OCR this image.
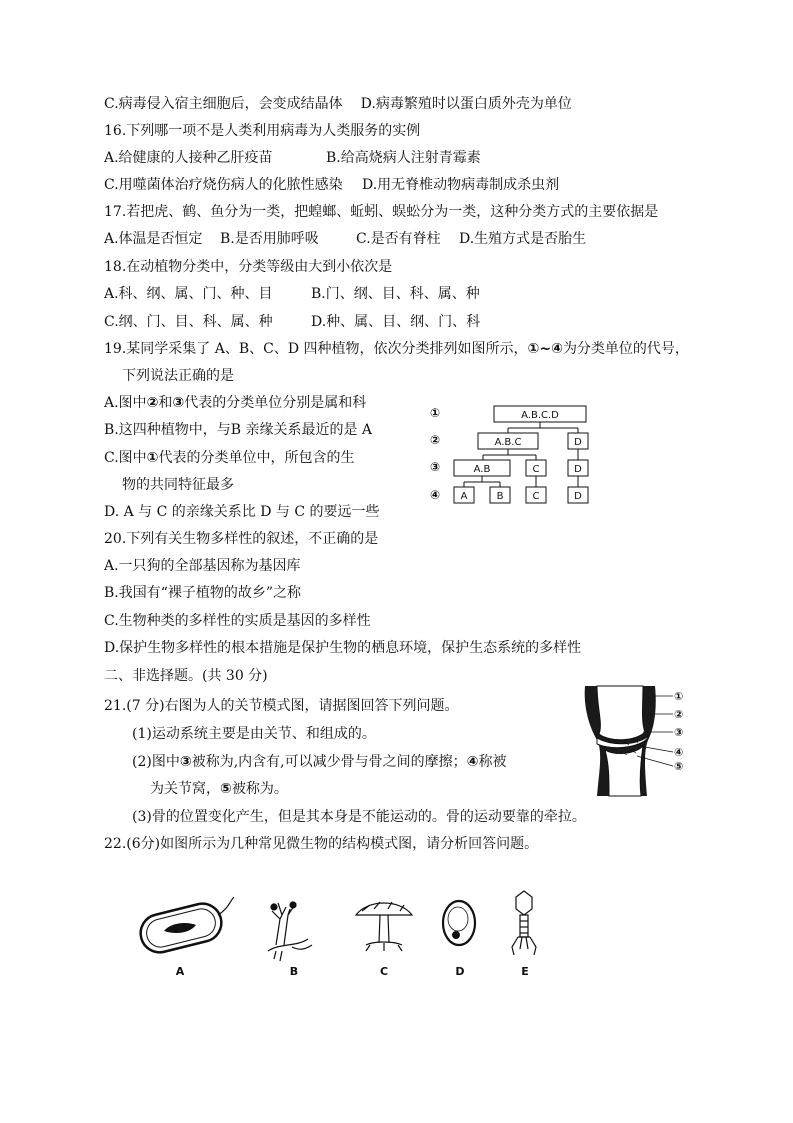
C.病毒侵入宿主细胞后，会变成结晶体 D.病毒繁殖时以蛋白质外壳为单位
16.下列哪一项不是人类利用病毒为人类服务的实例
A.给健康的人接种乙肝疫苗	B.给高烧病人注射青霉素
C.用噬菌体治疗烧伤病人的化脓性感染 D.用无脊椎动物病毒制成杀虫剂
17.若把虎、鹤、鱼分为一类，把蝗螂、蚯蚓、蜈蚣分为一类，这种分类方式的主要依据是
A.体温是否恒定 B.是否用肺呼吸	C.是否有脊柱 D.生殖方式是否胎生
18.在动植物分类中，分类等级由大到小依次是
A.科、纲、属、门、种、目	B.门、纲、目、科、属、种
C.纲、门、目、科、属、种	D.种、属、目、纲、门、科
19.某同学采集了 A、B、C、D 四种植物，依次分类排列如图所示，①~④为分类单位的代号，
下列说法正确的是
A.图中②和③代表的分类单位分别是属和科
B.这四种植物中，与B 亲缘关系最近的是 A
C.图中①代表的分类单位中，所包含的生
物的共同特征最多
D. A 与 C 的亲缘关系比 D 与 C 的要远一些
20.下列有关生物多样性的叙述，不正确的是
A.一只狗的全部基因称为基因库
B.我国有“裸子植物的故乡”之称
C.生物种类的多样性的实质是基因的多样性
D.保护生物多样性的根本措施是保护生物的栖息环境，保护生态系统的多样性
二、非选择题。(共 30 分)
21.(7 分)右图为人的关节模式图，请据图回答下列问题。
(1)运动系统主要是由关节、和组成的。
(2)图中③被称为,内含有,可以减少骨与骨之间的摩擦；④称被
为关节窝，⑤被称为。
(3)骨的位置变化产生，但是其本身是不能运动的。骨的运动要靠的牵拉。
22.(6分)如图所示为几种常见微生物的结构模式图，请分析回答问题。
①
②
③
④
A.B.C.D
A.B.C	D
A.B	C	D
A	B	C	D
①
②
③
④
⑤
A	B	C	D	E
